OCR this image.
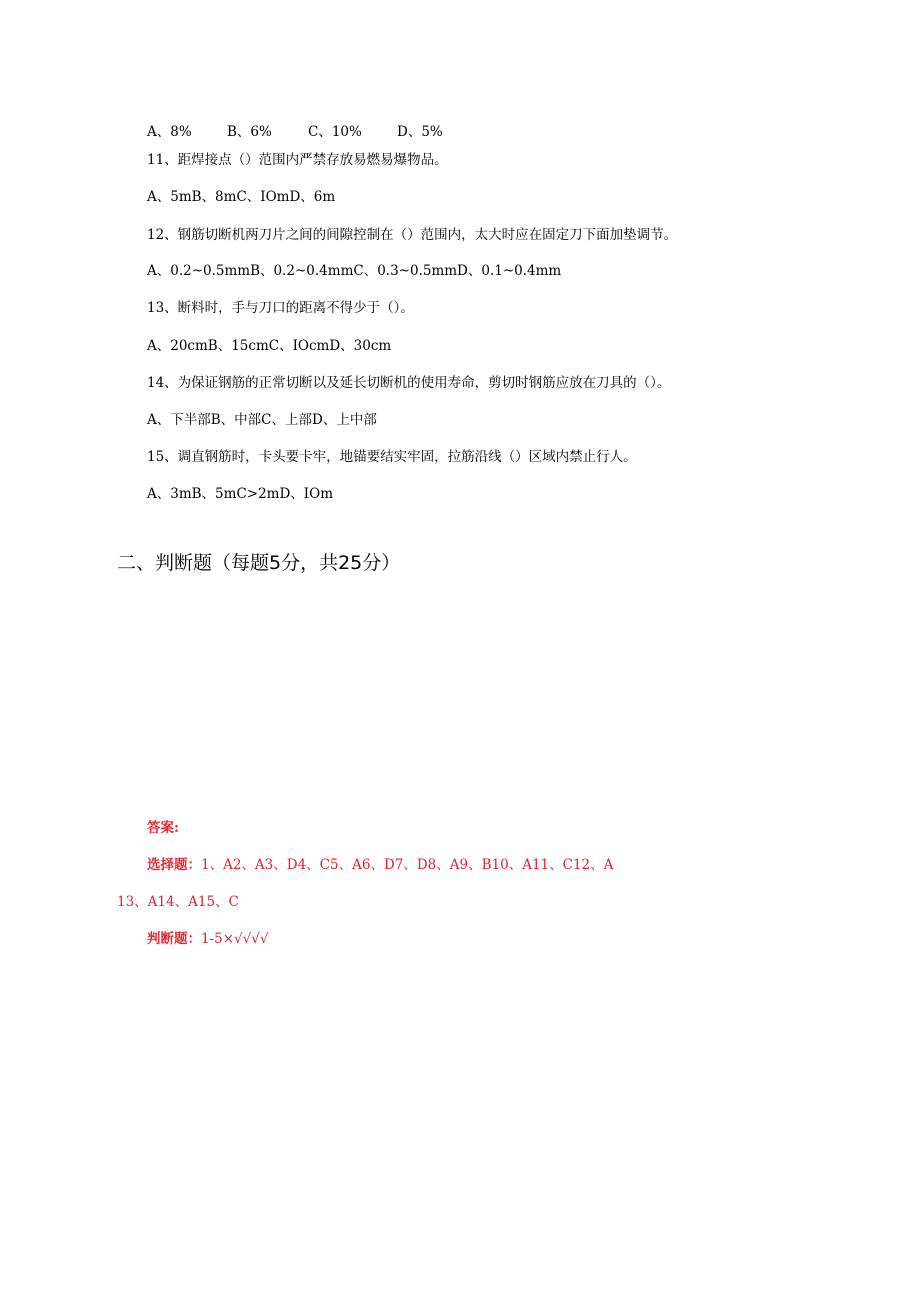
A、8%	B、6%	C、10%	D、5%
11、距焊接点（）范围内严禁存放易燃易爆物品。
A、5mB、8mC、IOmD、6m
12、钢筋切断机两刀片之间的间隙控制在（）范围内，太大时应在固定刀下面加垫调节。
A、0.2~0.5mmB、0.2~0.4mmC、0.3~0.5mmD、0.1~0.4mm
13、断料时，手与刀口的距离不得少于（）。
A、20cmB、15cmC、IOcmD、30cm
14、为保证钢筋的正常切断以及延长切断机的使用寿命，剪切时钢筋应放在刀具的（）。
A、下半部B、中部C、上部D、上中部
15、调直钢筋时，卡头要卡牢，地锚要结实牢固，拉筋沿线（）区域内禁止行人。
A、3mB、5mC>2mD、IOm
二、判断题（每题5分，共25分）
答案:
选择题：1、A2、A3、D4、C5、A6、D7、D8、A9、B10、A11、C12、A
13、A14、A15、C
判断题：1-5×√√√√
